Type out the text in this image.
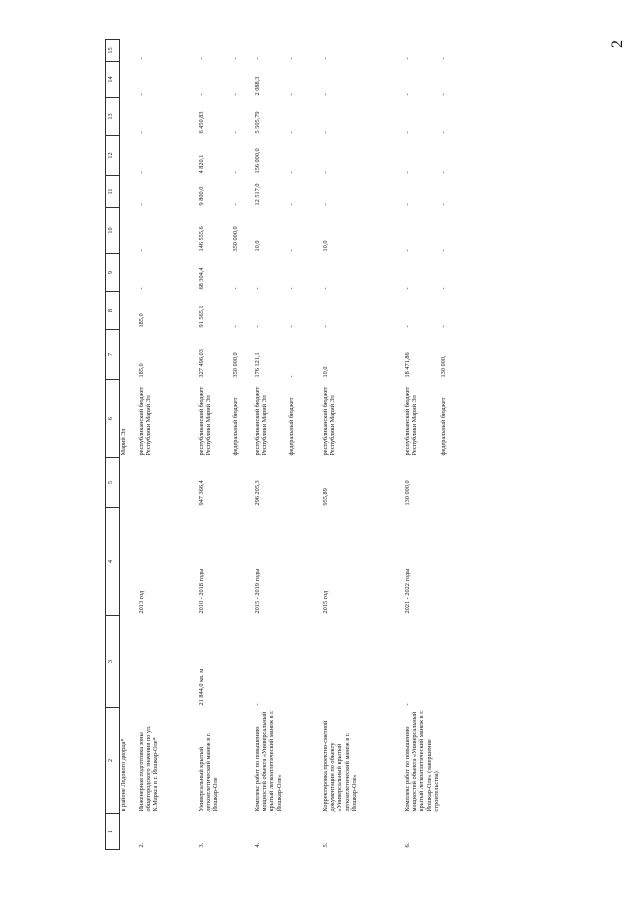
2
1	2	3	4	5	6	7	8	9	10	11	12	13	14	15
	в районе Ледового дворца*				Марий Эл									
2.	Инженерная подготовка зоны общегородского значения по ул. К.Маркса в г. Йошкар-Оле*		2013 год		республиканский бюджет Республики Марий Эл	185,0	185,0	-	-	-	-	-	-	-
3.	Универсальный крытый легкоатлетический манеж в г. Йошкар-Оле	21 844,0 кв. м	2010 - 2018 годы	947 366,4	республиканский бюджет Республики Марий Эл	327 496,03	91 565,1	68 304,4	146 555,6	9 800,0	4 820,1	6 450,83	-	-
					федеральный бюджет	350 000,0	-	-	350 000,0	-	-	-	-	-
4.	Комплекс работ по повышению мощностей объекта «Универсальный крытый легкоатлетический манеж в г. Йошкар-Оле»	-	2015 - 2019 годы	296 205,3	республиканский бюджет Республики Марий Эл	176 121,1	-	-	10,0	12 517,0	156 000,0	5 505,79	2 088,3	-
					федеральный бюджет	-	-	-	-	-	-	-	-	-
5.	Корректировка проектно-сметной документации по объекту «Универсальный крытый легкоатлетический манеж в г. Йошкар-Оле»		2015 год	955,89	республиканский бюджет Республики Марий Эл	10,0	-	-	10,0	-	-	-	-	-
6.	Комплекс работ по повышению мощностей объекта «Универсальный крытый легкоатлетический манеж в г. Йошкар-Оле» (завершение строительства)	-	2021 - 2022 годы	130 000,0	республиканский бюджет Республики Марий Эл	18 471,86	-	-	-	-	-	-	-	-
					федеральный бюджет	130 000,	-	-	-	-	-	-	-	-
